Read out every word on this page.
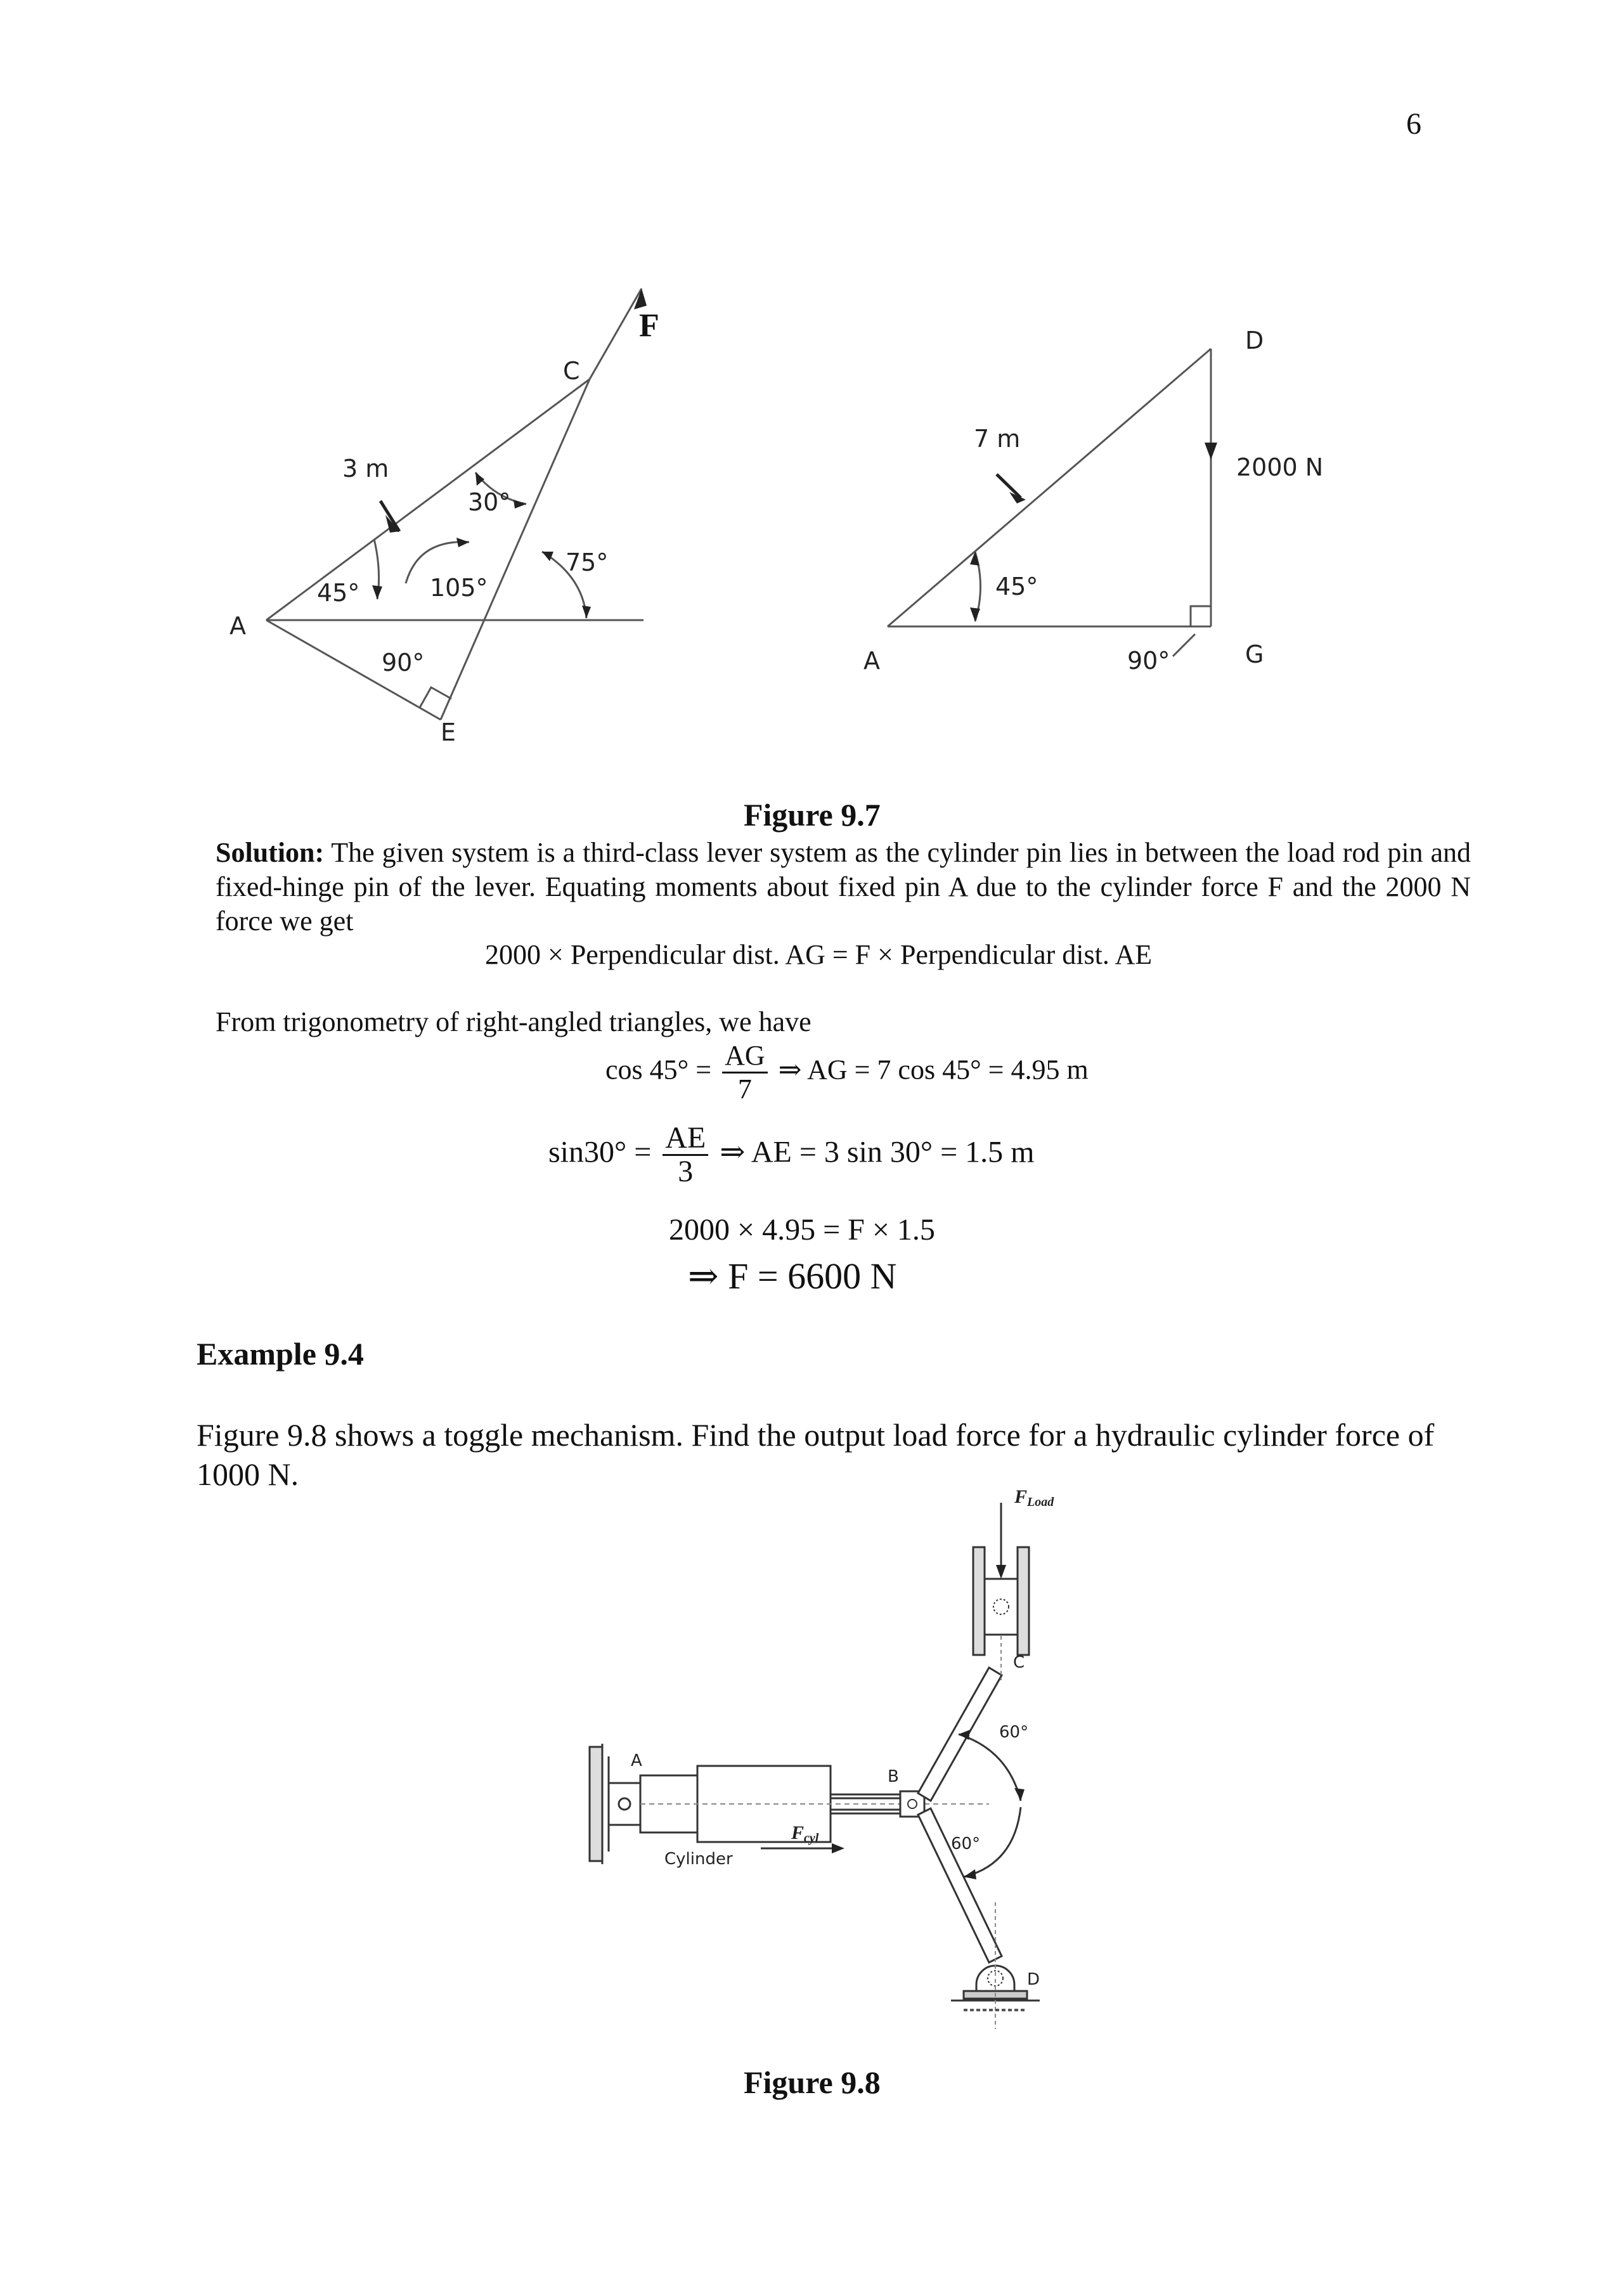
6
A
C
E
F
3 m
45°
30°
105°
75°
90°	A
D
G
7 m
2000 N
45°
90°
Figure 9.7
Solution: The given system is a third-class lever system as the cylinder pin lies in between the load rod pin and fixed-hinge pin of the lever. Equating moments about fixed pin A due to the cylinder force F and the 2000 N force we get
2000 × Perpendicular dist. AG = F × Perpendicular dist. AE
From trigonometry of right-angled triangles, we have
$\cos 45^\circ = \frac{AG}{7}$ ⇒ AG = 7 cos 45° = 4.95 m
$\sin 30^\circ = \frac{AE}{3}$ ⇒ AE = 3 sin 30° = 1.5 m
2000 × 4.95 = F × 1.5
⇒ F = 6600 N
Example 9.4
Figure 9.8 shows a toggle mechanism. Find the output load force for a hydraulic cylinder force of 1000 N.
A
B
C
D
Cylinder
60°
60°
FLoad
Fcyl
Figure 9.8
